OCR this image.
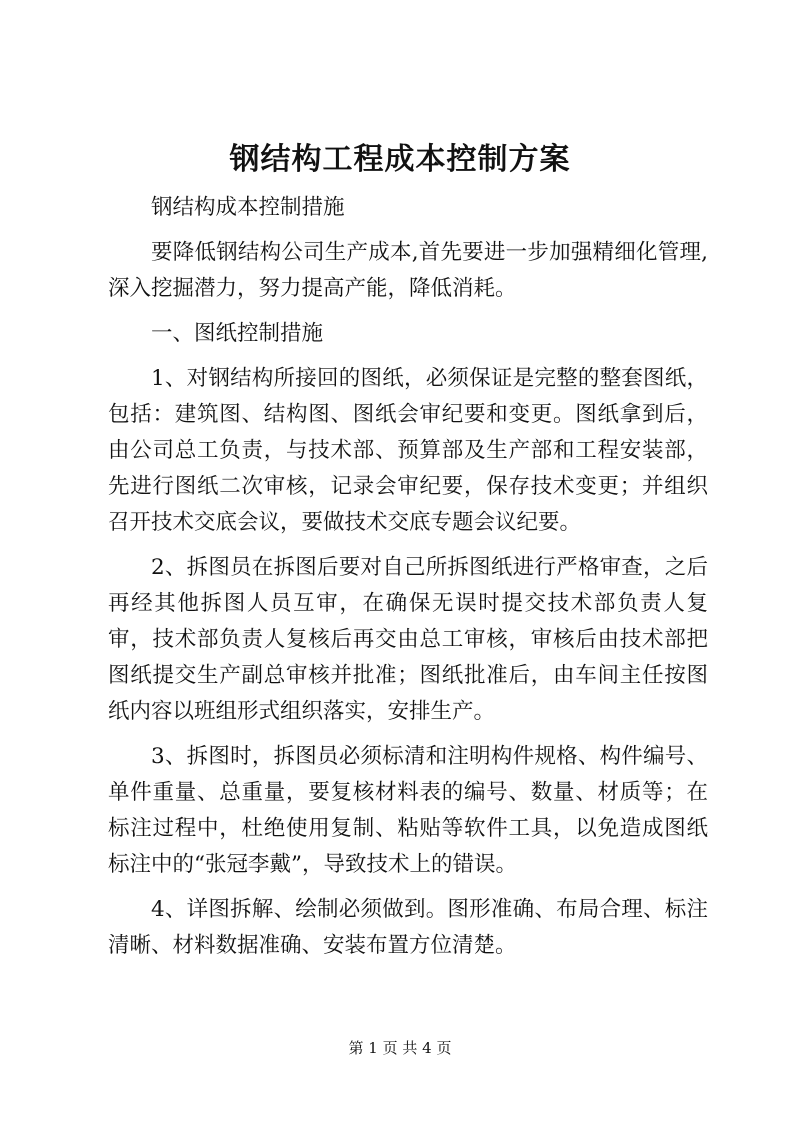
钢结构工程成本控制方案

钢结构成本控制措施

要降低钢结构公司生产成本,首先要进一步加强精细化管理,深入挖掘潜力，努力提高产能，降低消耗。

一、图纸控制措施

1、对钢结构所接回的图纸，必须保证是完整的整套图纸，包括：建筑图、结构图、图纸会审纪要和变更。图纸拿到后，由公司总工负责，与技术部、预算部及生产部和工程安装部，先进行图纸二次审核，记录会审纪要，保存技术变更；并组织召开技术交底会议，要做技术交底专题会议纪要。

2、拆图员在拆图后要对自己所拆图纸进行严格审查，之后再经其他拆图人员互审，在确保无误时提交技术部负责人复审，技术部负责人复核后再交由总工审核，审核后由技术部把图纸提交生产副总审核并批准；图纸批准后，由车间主任按图纸内容以班组形式组织落实，安排生产。

3、拆图时，拆图员必须标清和注明构件规格、构件编号、单件重量、总重量，要复核材料表的编号、数量、材质等；在标注过程中，杜绝使用复制、粘贴等软件工具，以免造成图纸标注中的“张冠李戴”，导致技术上的错误。

4、详图拆解、绘制必须做到。图形准确、布局合理、标注清晰、材料数据准确、安装布置方位清楚。

第 1 页 共 4 页
